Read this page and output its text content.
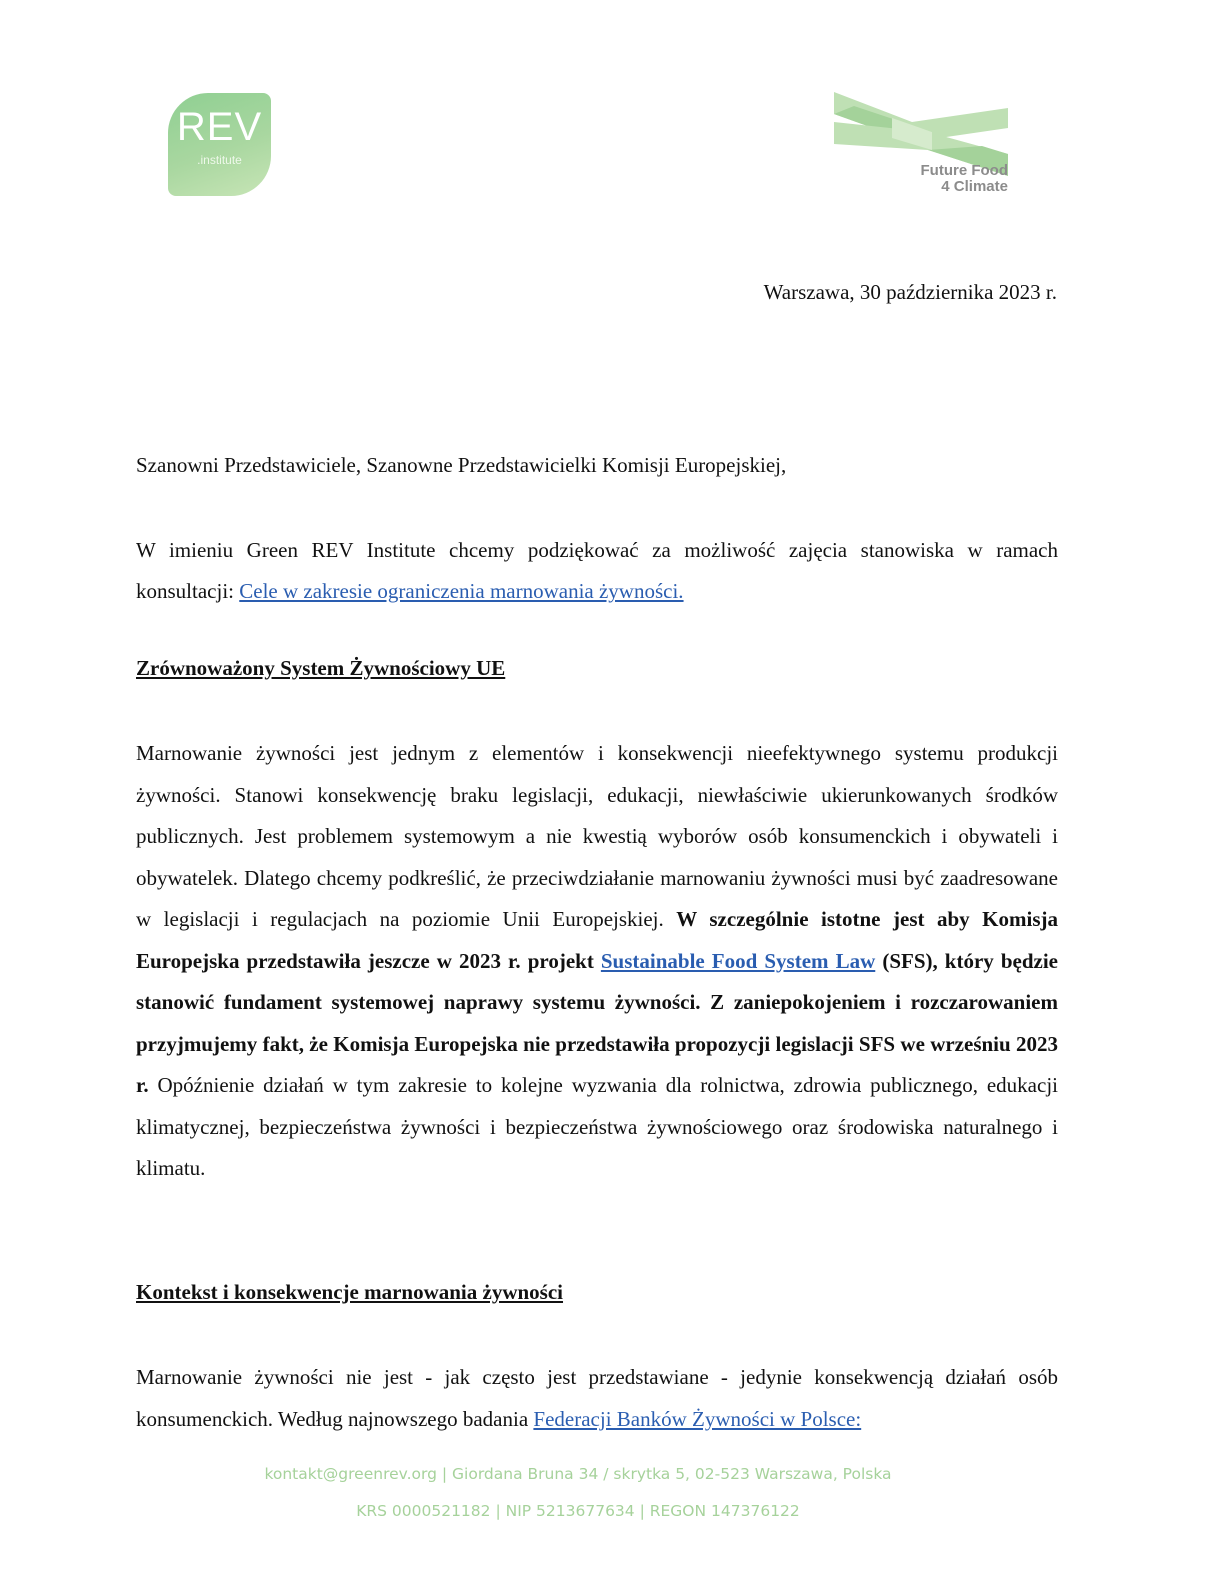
REV
.institute
Future Food
4 Climate
Warszawa, 30 października 2023 r.
Szanowni Przedstawiciele, Szanowne Przedstawicielki Komisji Europejskiej,
W imieniu Green REV Institute chcemy podziękować za możliwość zajęcia stanowiska w ramach konsultacji: Cele w zakresie ograniczenia marnowania żywności.
Zrównoważony System Żywnościowy UE
Marnowanie żywności jest jednym z elementów i konsekwencji nieefektywnego systemu produkcji żywności. Stanowi konsekwencję braku legislacji, edukacji, niewłaściwie ukierunkowanych środków publicznych. Jest problemem systemowym a nie kwestią wyborów osób konsumenckich i obywateli i obywatelek. Dlatego chcemy podkreślić, że przeciwdziałanie marnowaniu żywności musi być zaadresowane w legislacji i regulacjach na poziomie Unii Europejskiej. W szczególnie istotne jest aby Komisja Europejska przedstawiła jeszcze w 2023 r. projekt Sustainable Food System Law (SFS), który będzie stanowić fundament systemowej naprawy systemu żywności. Z zaniepokojeniem i rozczarowaniem przyjmujemy fakt, że Komisja Europejska nie przedstawiła propozycji legislacji SFS we wrześniu 2023 r. Opóźnienie działań w tym zakresie to kolejne wyzwania dla rolnictwa, zdrowia publicznego, edukacji klimatycznej, bezpieczeństwa żywności i bezpieczeństwa żywnościowego oraz środowiska naturalnego i klimatu.
Kontekst i konsekwencje marnowania żywności
Marnowanie żywności nie jest - jak często jest przedstawiane - jedynie konsekwencją działań osób konsumenckich. Według najnowszego badania Federacji Banków Żywności w Polsce:
kontakt@greenrev.org | Giordana Bruna 34 / skrytka 5, 02-523 Warszawa, Polska
KRS 0000521182 | NIP 5213677634 | REGON 147376122
